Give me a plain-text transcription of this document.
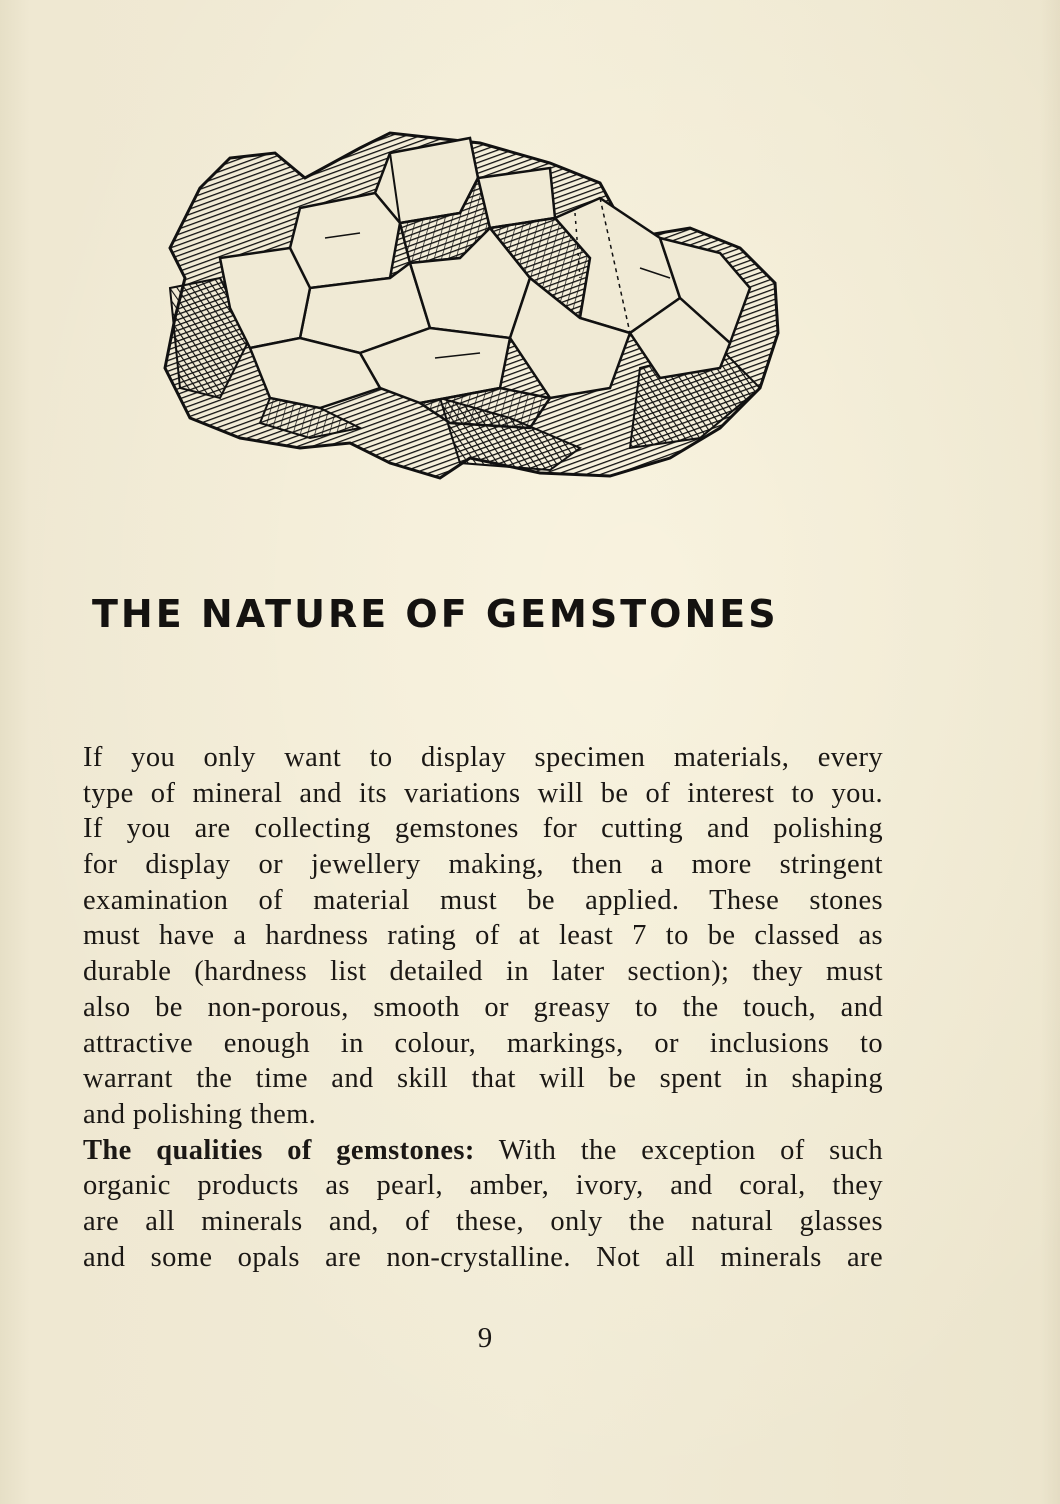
THE NATURE OF GEMSTONES
If you only want to display specimen materials, every
type of mineral and its variations will be of interest to you.
If you are collecting gemstones for cutting and polishing
for display or jewellery making, then a more stringent
examination of material must be applied. These stones
must have a hardness rating of at least 7 to be classed as
durable (hardness list detailed in later section); they must
also be non-porous, smooth or greasy to the touch, and
attractive enough in colour, markings, or inclusions to
warrant the time and skill that will be spent in shaping
and polishing them.
The qualities of gemstones: With the exception of such
organic products as pearl, amber, ivory, and coral, they
are all minerals and, of these, only the natural glasses
and some opals are non-crystalline. Not all minerals are
9
